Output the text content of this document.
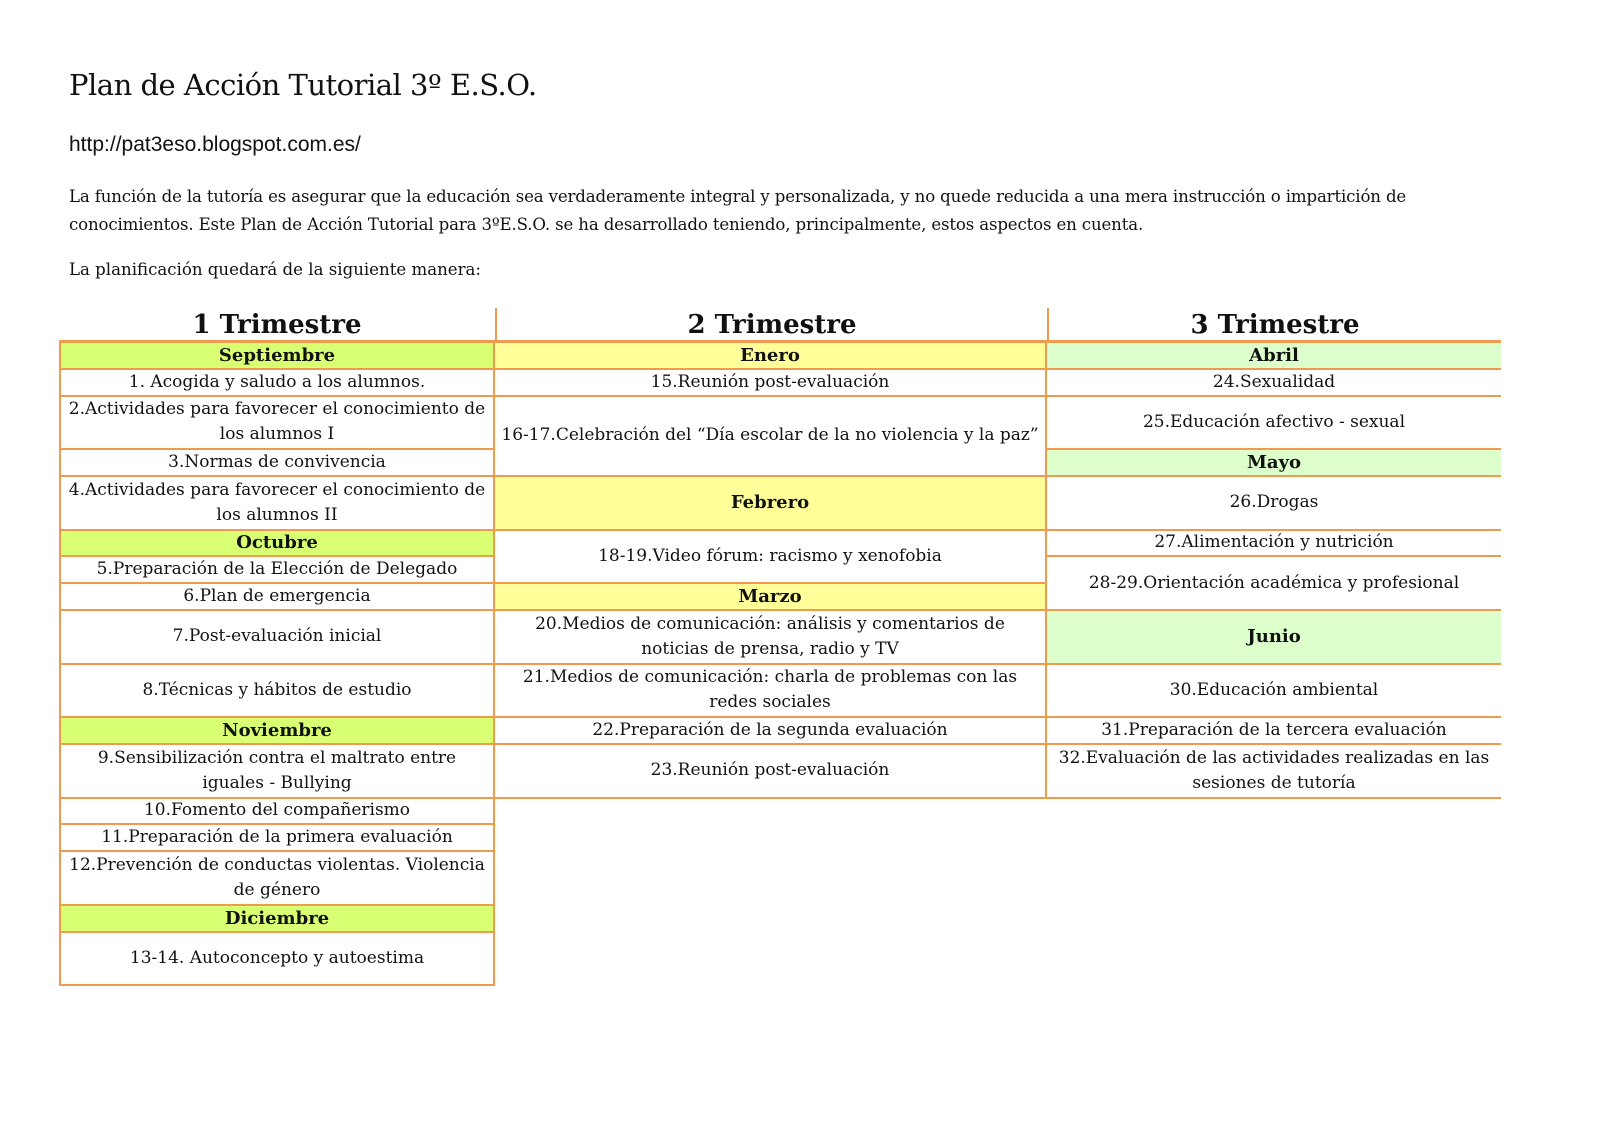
Plan de Acción Tutorial 3º E.S.O.
http://pat3eso.blogspot.com.es/
La función de la tutoría es asegurar que la educación sea verdaderamente integral y personalizada, y no quede reducida a una mera instrucción o impartición de conocimientos. Este Plan de Acción Tutorial para 3ºE.S.O. se ha desarrollado teniendo, principalmente, estos aspectos en cuenta.
La planificación quedará de la siguiente manera:
1 Trimestre
Septiembre
1. Acogida y saludo a los alumnos.
2.Actividades para favorecer el conocimiento de los alumnos I
3.Normas de convivencia
4.Actividades para favorecer el conocimiento de los alumnos II
Octubre
5.Preparación de la Elección de Delegado
6.Plan de emergencia
7.Post-evaluación inicial
8.Técnicas y hábitos de estudio
Noviembre
9.Sensibilización contra el maltrato entre iguales - Bullying
10.Fomento del compañerismo
11.Preparación de la primera evaluación
12.Prevención de conductas violentas. Violencia de género
Diciembre
13-14. Autoconcepto y autoestima
2 Trimestre
Enero
15.Reunión post-evaluación
16-17.Celebración del “Día escolar de la no violencia y la paz”
Febrero
18-19.Video fórum: racismo y xenofobia
Marzo
20.Medios de comunicación: análisis y comentarios de noticias de prensa, radio y TV
21.Medios de comunicación: charla de problemas con las redes sociales
22.Preparación de la segunda evaluación
23.Reunión post-evaluación
3 Trimestre
Abril
24.Sexualidad
25.Educación afectivo - sexual
Mayo
26.Drogas
27.Alimentación y nutrición
28-29.Orientación académica y profesional
Junio
30.Educación ambiental
31.Preparación de la tercera evaluación
32.Evaluación de las actividades realizadas en las sesiones de tutoría
